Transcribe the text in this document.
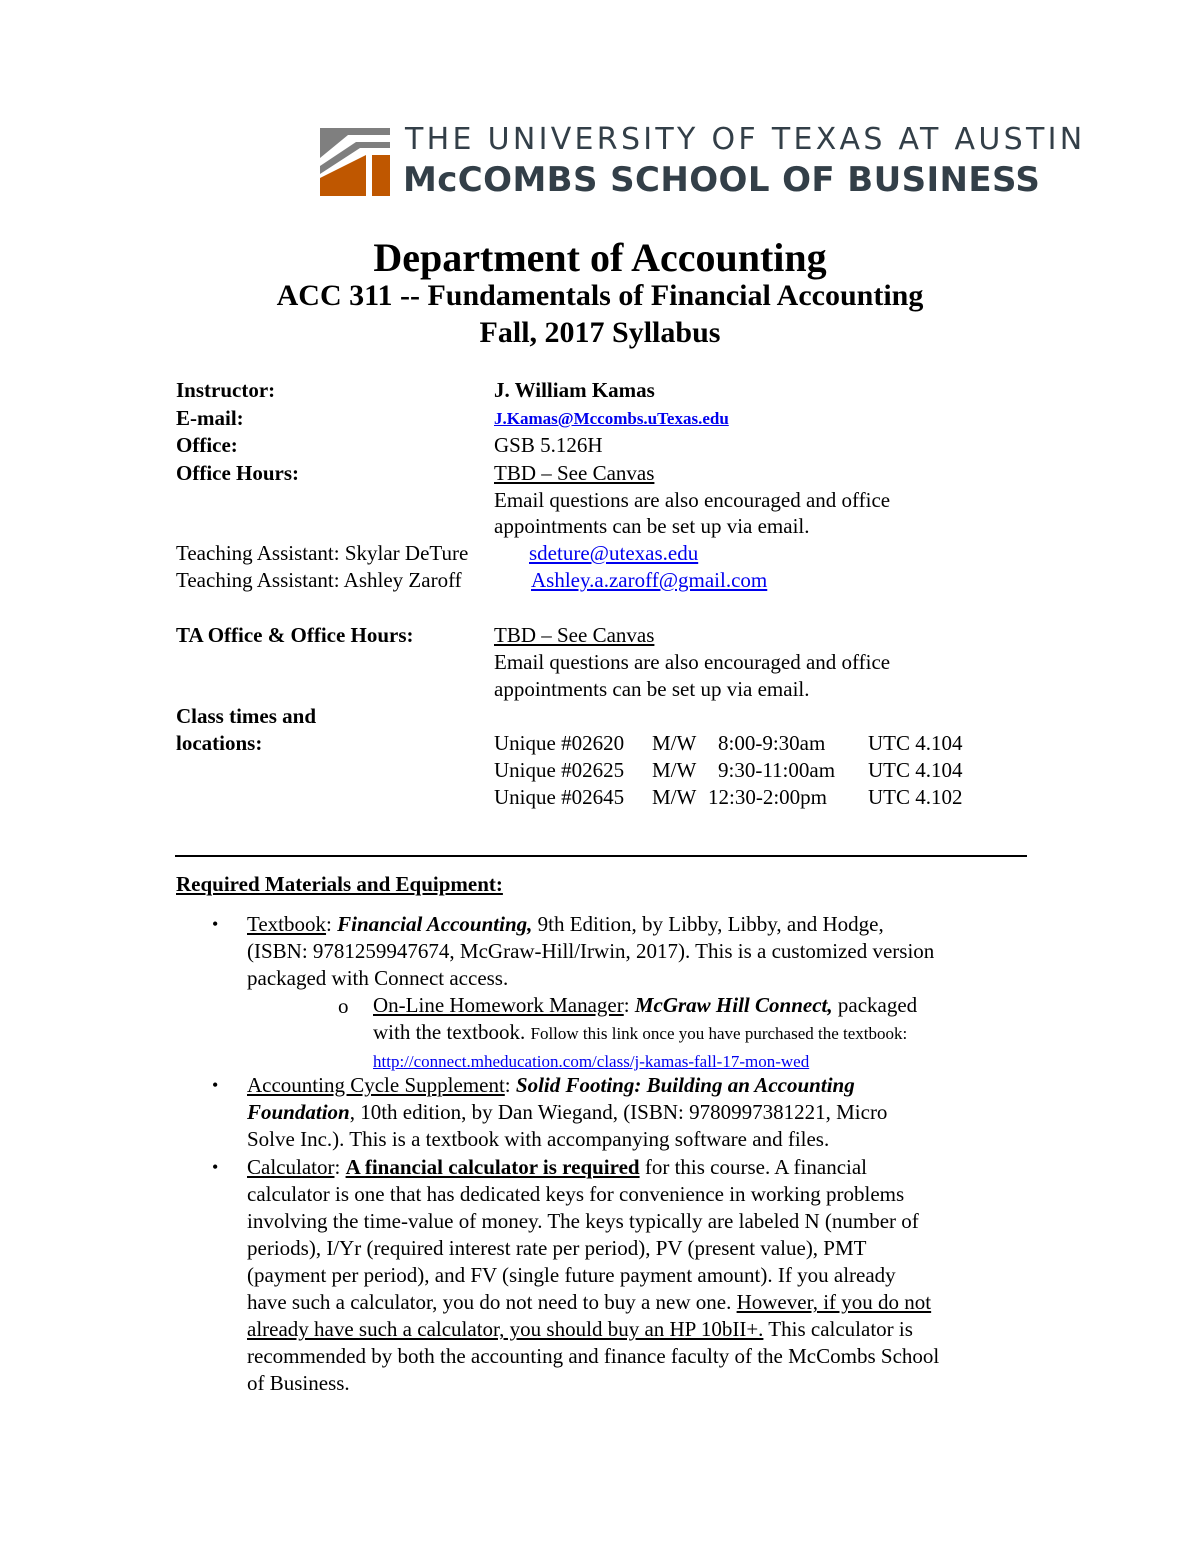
THE UNIVERSITY OF TEXAS AT AUSTIN
McCOMBS SCHOOL OF BUSINESS
Department of Accounting
ACC 311 -- Fundamentals of Financial Accounting
Fall, 2017 Syllabus
Instructor:	J. William Kamas
E-mail:	J.Kamas@Mccombs.uTexas.edu
Office:	GSB 5.126H
Office Hours:	TBD – See Canvas
Email questions are also encouraged and office
appointments can be set up via email.
Teaching Assistant: Skylar DeTure	sdeture@utexas.edu
Teaching Assistant: Ashley Zaroff	Ashley.a.zaroff@gmail.com
TA Office & Office Hours:	TBD – See Canvas
Email questions are also encouraged and office
appointments can be set up via email.
Class times and
locations:	Unique #02620 M/W 8:00-9:30am UTC 4.104
Unique #02625 M/W 9:30-11:00am UTC 4.104
Unique #02645 M/W 12:30-2:00pm UTC 4.102
Required Materials and Equipment:
• Textbook: Financial Accounting, 9th Edition, by Libby, Libby, and Hodge,
(ISBN: 9781259947674, McGraw-Hill/Irwin, 2017). This is a customized version
packaged with Connect access.
o On-Line Homework Manager: McGraw Hill Connect, packaged
with the textbook. Follow this link once you have purchased the textbook:
http://connect.mheducation.com/class/j-kamas-fall-17-mon-wed
• Accounting Cycle Supplement: Solid Footing: Building an Accounting
Foundation, 10th edition, by Dan Wiegand, (ISBN: 9780997381221, Micro
Solve Inc.). This is a textbook with accompanying software and files.
• Calculator: A financial calculator is required for this course. A financial
calculator is one that has dedicated keys for convenience in working problems
involving the time-value of money. The keys typically are labeled N (number of
periods), I/Yr (required interest rate per period), PV (present value), PMT
(payment per period), and FV (single future payment amount). If you already
have such a calculator, you do not need to buy a new one. However, if you do not
already have such a calculator, you should buy an HP 10bII+. This calculator is
recommended by both the accounting and finance faculty of the McCombs School
of Business.
